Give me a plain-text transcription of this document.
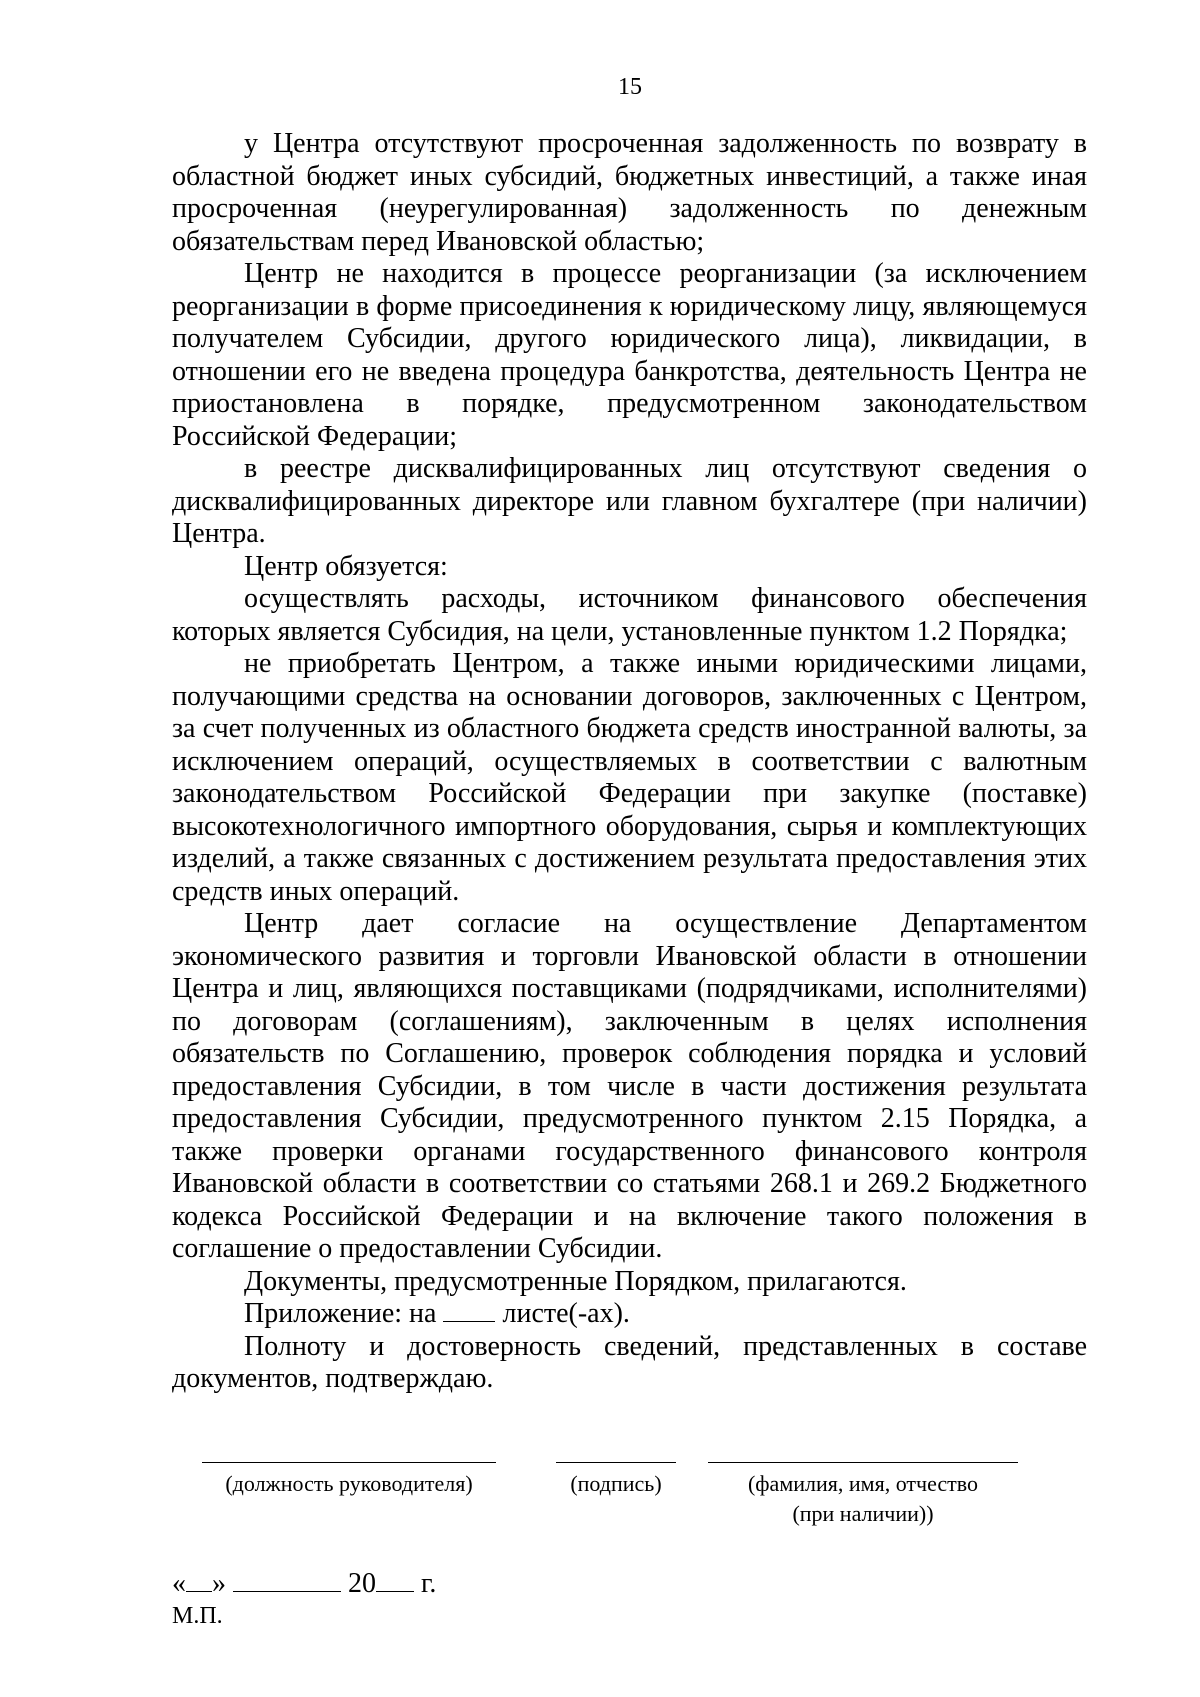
15

у Центра отсутствуют просроченная задолженность по возврату в областной бюджет иных субсидий, бюджетных инвестиций, а также иная просроченная (неурегулированная) задолженность по денежным обязательствам перед Ивановской областью;

Центр не находится в процессе реорганизации (за исключением реорганизации в форме присоединения к юридическому лицу, являющемуся получателем Субсидии, другого юридического лица), ликвидации, в отношении его не введена процедура банкротства, деятельность Центра не приостановлена в порядке, предусмотренном законодательством Российской Федерации;

в реестре дисквалифицированных лиц отсутствуют сведения о дисквалифицированных директоре или главном бухгалтере (при наличии) Центра.

Центр обязуется:

осуществлять расходы, источником финансового обеспечения которых является Субсидия, на цели, установленные пунктом 1.2 Порядка;

не приобретать Центром, а также иными юридическими лицами, получающими средства на основании договоров, заключенных с Центром, за счет полученных из областного бюджета средств иностранной валюты, за исключением операций, осуществляемых в соответствии с валютным законодательством Российской Федерации при закупке (поставке) высокотехнологичного импортного оборудования, сырья и комплектующих изделий, а также связанных с достижением результата предоставления этих средств иных операций.

Центр дает согласие на осуществление Департаментом экономического развития и торговли Ивановской области в отношении Центра и лиц, являющихся поставщиками (подрядчиками, исполнителями) по договорам (соглашениям), заключенным в целях исполнения обязательств по Соглашению, проверок соблюдения порядка и условий предоставления Субсидии, в том числе в части достижения результата предоставления Субсидии, предусмотренного пунктом 2.15 Порядка, а также проверки органами государственного финансового контроля Ивановской области в соответствии со статьями 268.1 и 269.2 Бюджетного кодекса Российской Федерации и на включение такого положения в соглашение о предоставлении Субсидии.

Документы, предусмотренные Порядком, прилагаются.

Приложение: на листе(-ах).

Полноту и достоверность сведений, представленных в составе документов, подтверждаю.

(должность руководителя)	(подпись)	(фамилия, имя, отчество
(при наличии))
« »	20 г.
М.П.
